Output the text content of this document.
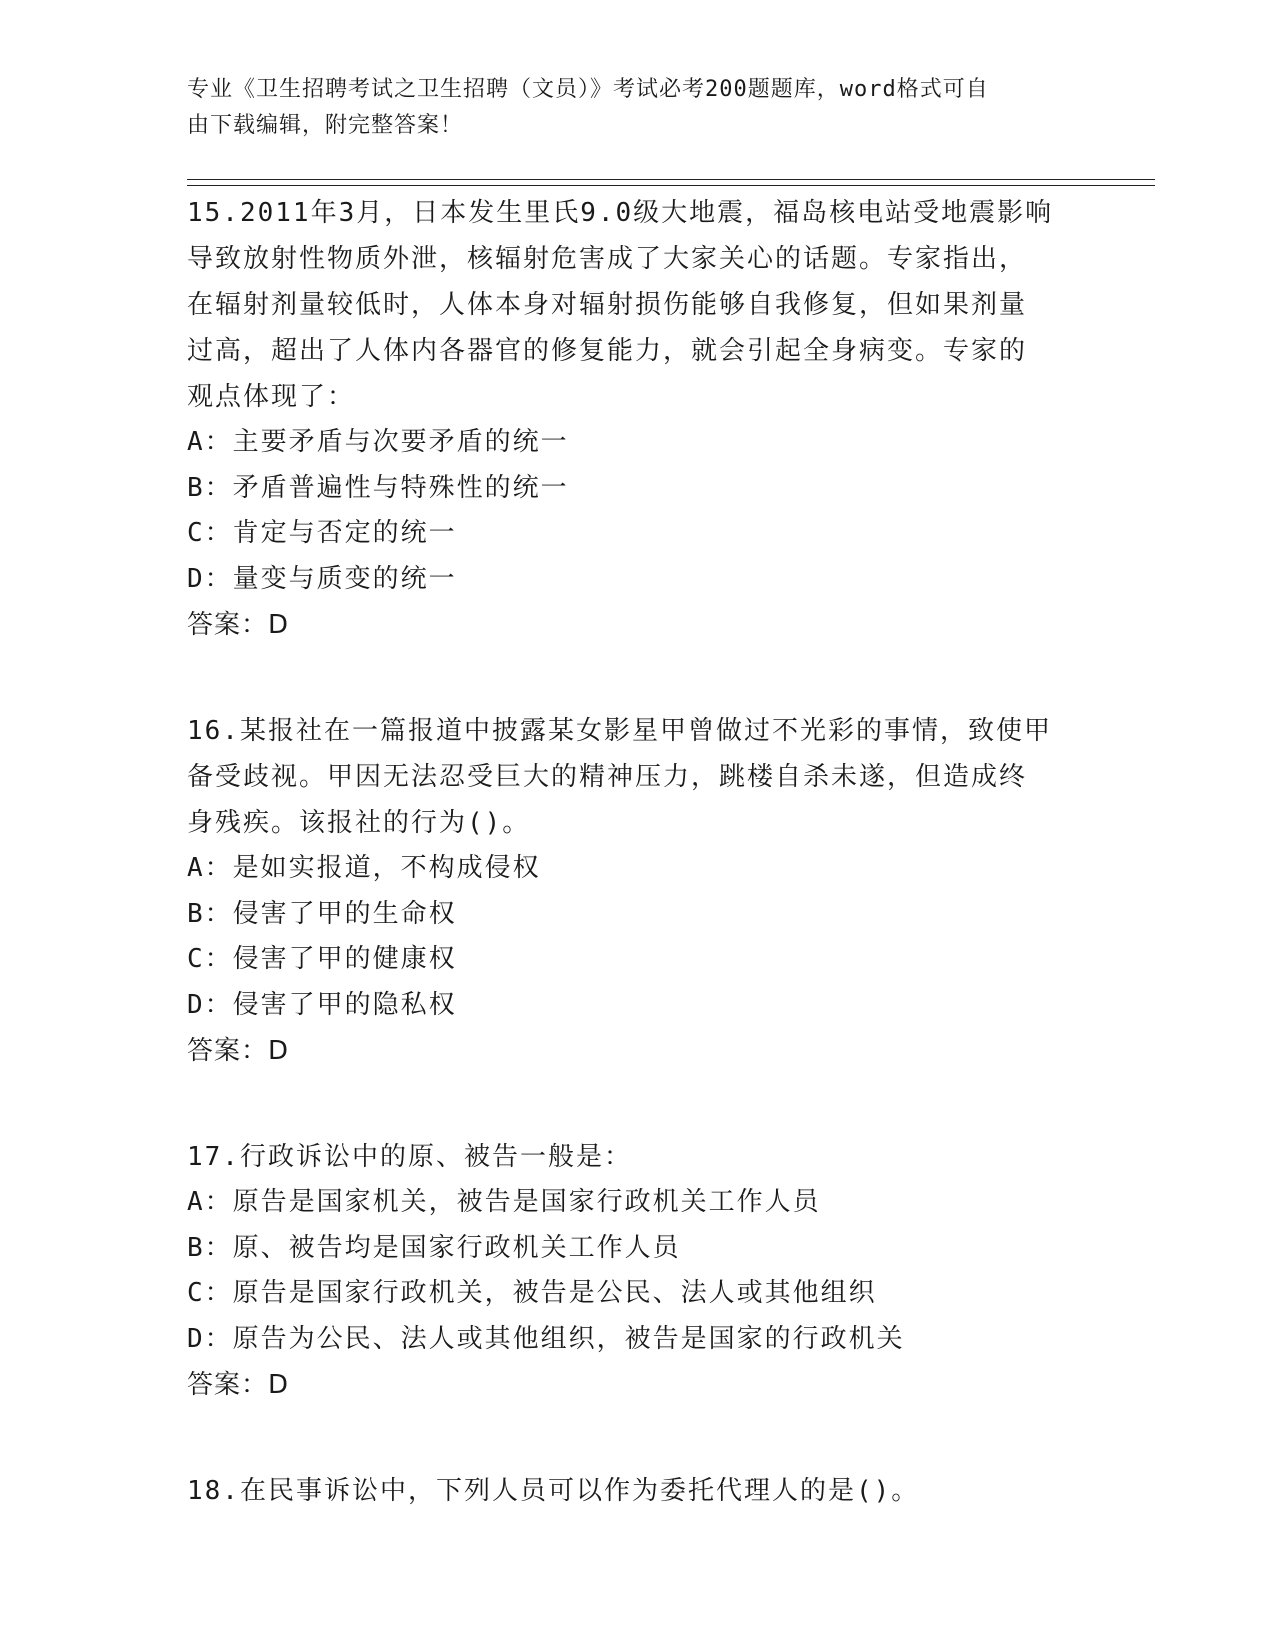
专业《卫生招聘考试之卫生招聘（文员）》考试必考200题题库，word格式可自
由下载编辑，附完整答案！

15.2011年3月，日本发生里氏9.0级大地震，福岛核电站受地震影响

导致放射性物质外泄，核辐射危害成了大家关心的话题。专家指出，

在辐射剂量较低时，人体本身对辐射损伤能够自我修复，但如果剂量

过高，超出了人体内各器官的修复能力，就会引起全身病变。专家的

观点体现了：

A：主要矛盾与次要矛盾的统一

B：矛盾普遍性与特殊性的统一

C：肯定与否定的统一

D：量变与质变的统一

答案：D

16.某报社在一篇报道中披露某女影星甲曾做过不光彩的事情，致使甲

备受歧视。甲因无法忍受巨大的精神压力，跳楼自杀未遂，但造成终

身残疾。该报社的行为()。

A：是如实报道，不构成侵权

B：侵害了甲的生命权

C：侵害了甲的健康权

D：侵害了甲的隐私权

答案：D

17.行政诉讼中的原、被告一般是：

A：原告是国家机关，被告是国家行政机关工作人员

B：原、被告均是国家行政机关工作人员

C：原告是国家行政机关，被告是公民、法人或其他组织

D：原告为公民、法人或其他组织，被告是国家的行政机关

答案：D

18.在民事诉讼中，下列人员可以作为委托代理人的是()。
